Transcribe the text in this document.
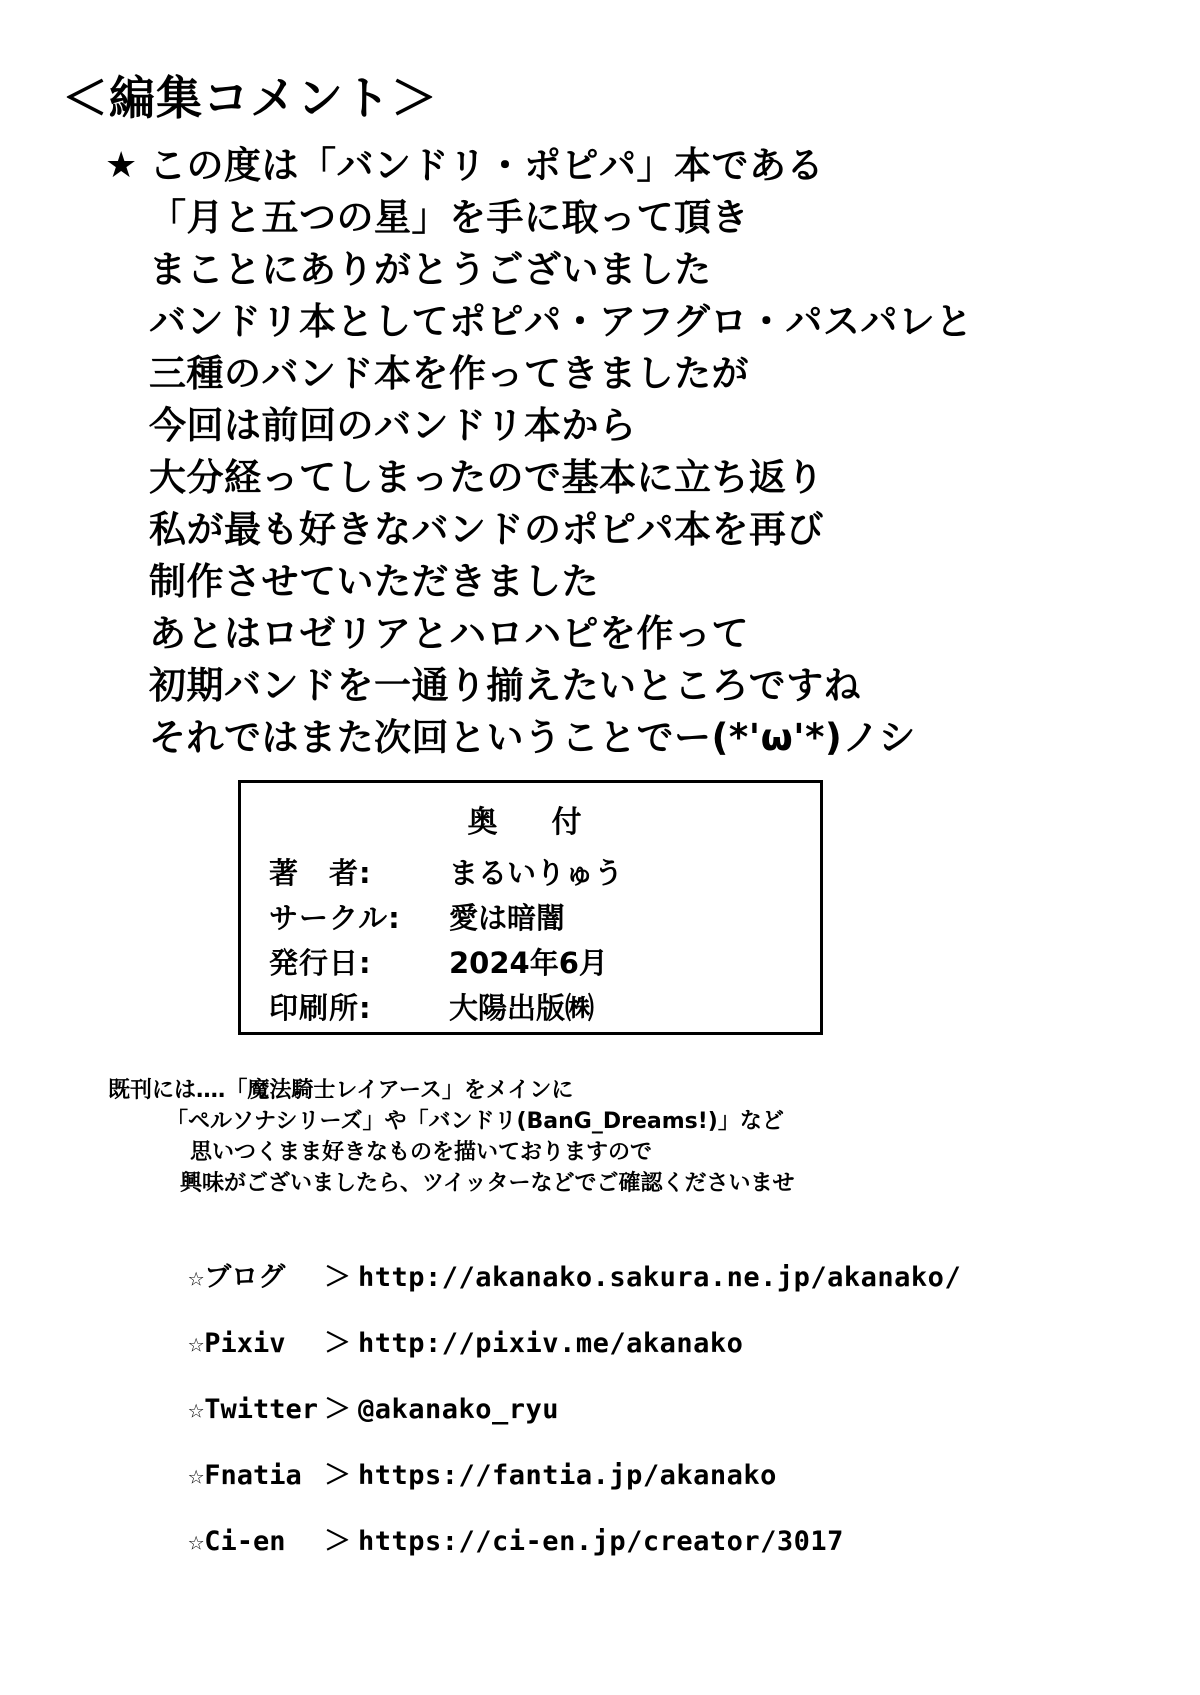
＜編集コメント＞
★ この度は「バンドリ・ポピパ」本である
「月と五つの星」を手に取って頂き
まことにありがとうございました
バンドリ本としてポピパ・アフグロ・パスパレと
三種のバンド本を作ってきましたが
今回は前回のバンドリ本から
大分経ってしまったので基本に立ち返り
私が最も好きなバンドのポピパ本を再び
制作させていただきました
あとはロゼリアとハロハピを作って
初期バンドを一通り揃えたいところですね
それではまた次回ということでー(*'ω'*)ノシ
奥　付
著　者:	まるいりゅう
サークル:	愛は暗闇
発行日:	2024年6月
印刷所:	大陽出版㈱
既刊には‥‥「魔法騎士レイアース」をメインに
「ペルソナシリーズ」や「バンドリ(BanG_Dreams!)」など
思いつくまま好きなものを描いておりますので
興味がございましたら、ツイッターなどでご確認くださいませ
☆ブログ	＞ http://akanako.sakura.ne.jp/akanako/
☆Pixiv	＞ http://pixiv.me/akanako
☆Twitter ＞ @akanako_ryu
☆Fnatia ＞ https://fantia.jp/akanako
☆Ci-en	＞ https://ci-en.jp/creator/3017
